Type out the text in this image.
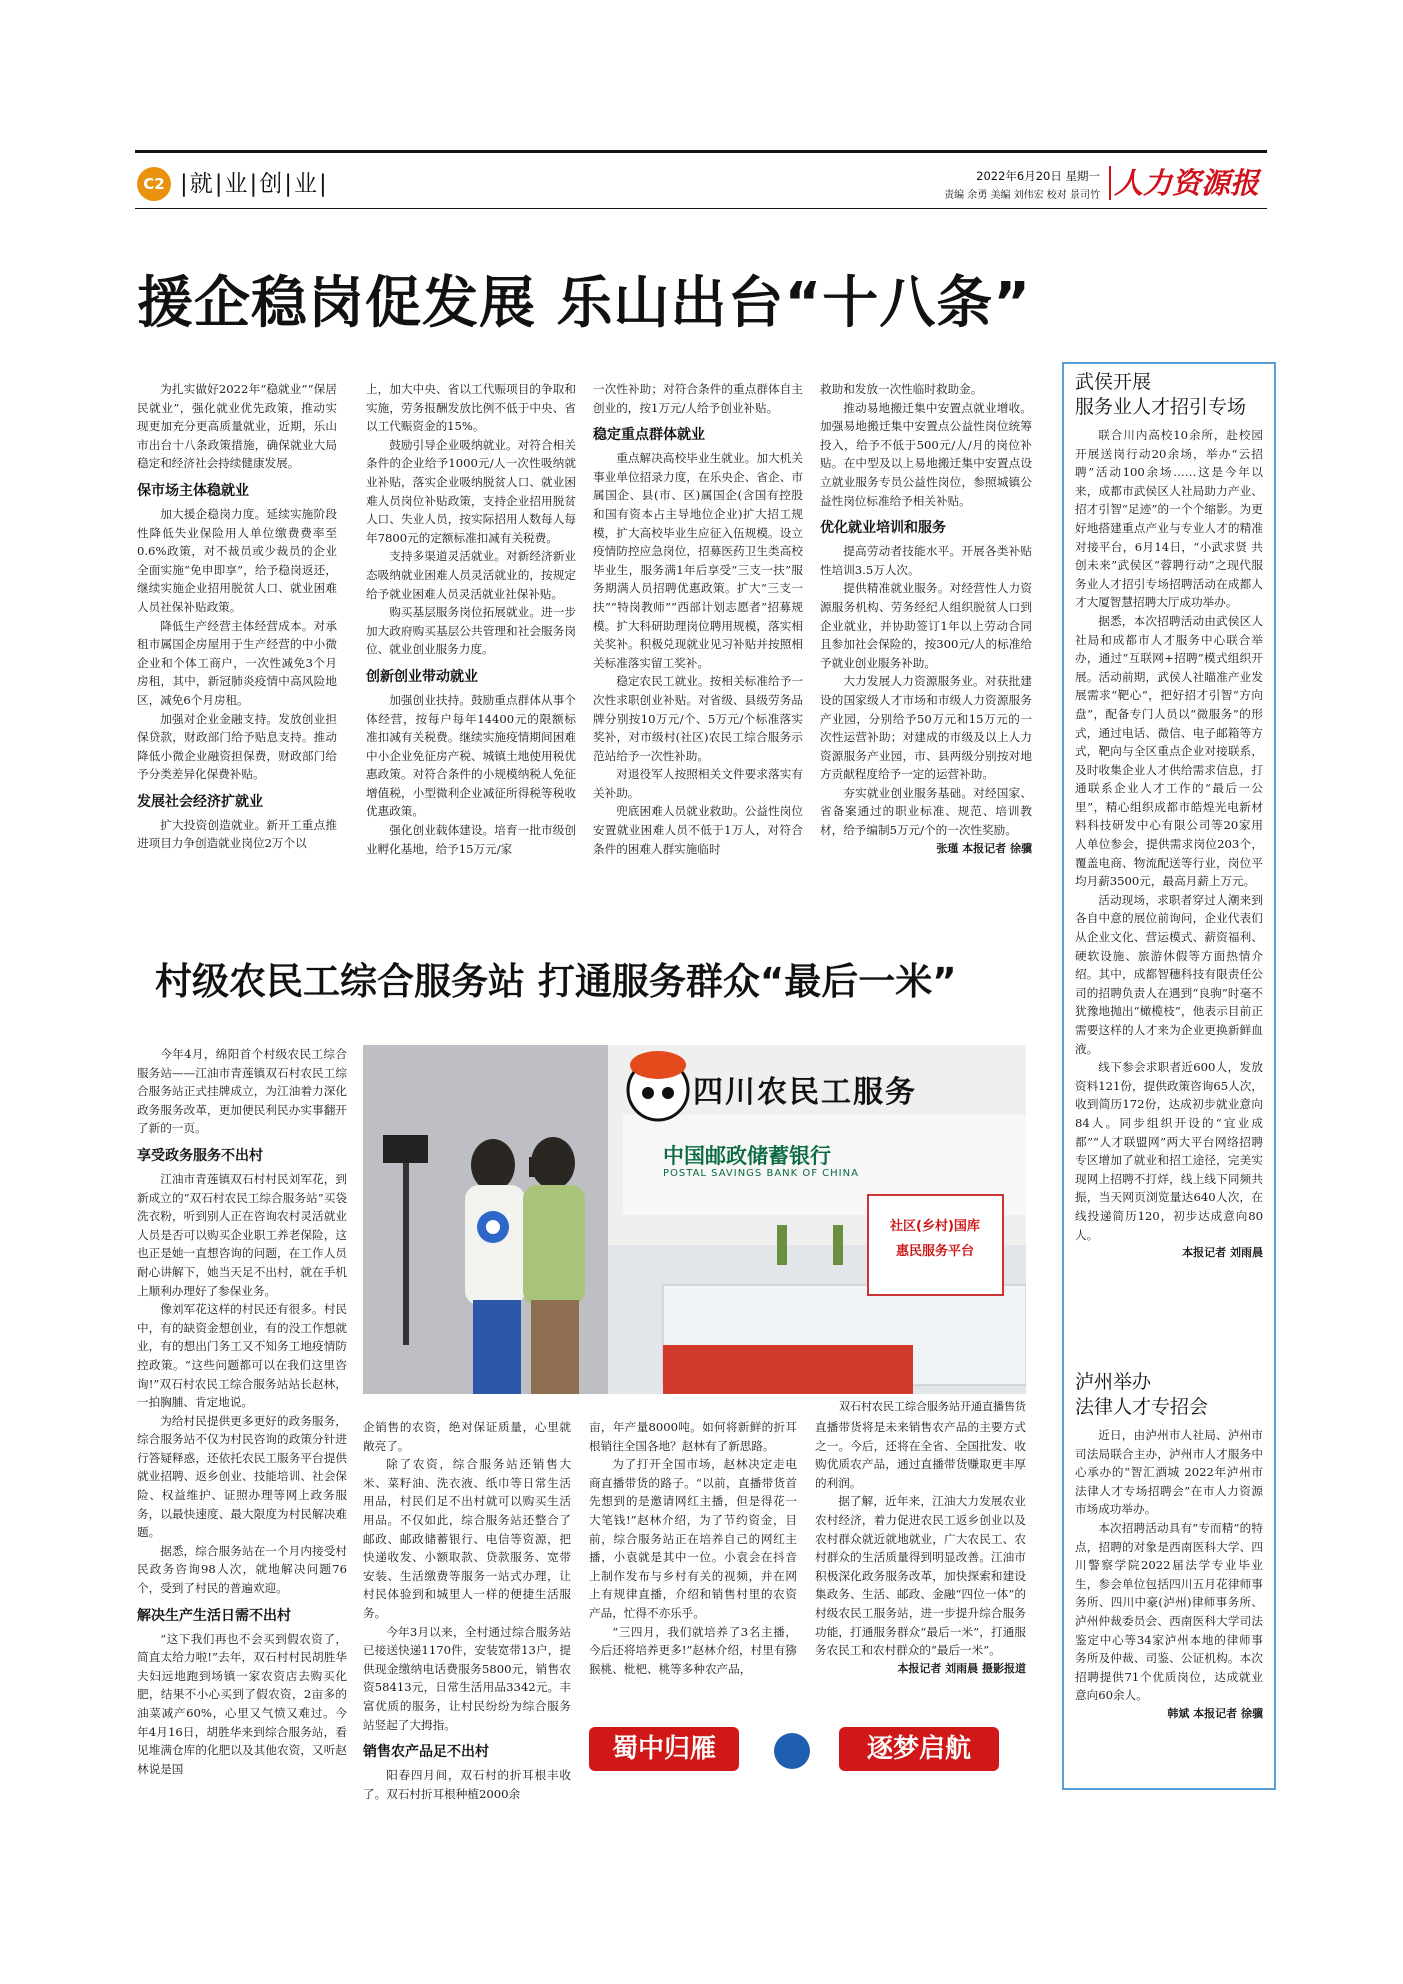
C2 |就|业|创|业|	2022年6月20日 星期一
责编 余勇 美编 刘伟宏 校对 景司竹 人力资源报
援企稳岗促发展 乐山出台“十八条”

为扎实做好2022年“稳就业”“保居民就业”，强化就业优先政策，推动实现更加充分更高质量就业，近期，乐山市出台十八条政策措施，确保就业大局稳定和经济社会持续健康发展。

保市场主体稳就业

加大援企稳岗力度。延续实施阶段性降低失业保险用人单位缴费费率至0.6%政策，对不裁员或少裁员的企业全面实施“免申即享”，给予稳岗返还，继续实施企业招用脱贫人口、就业困难人员社保补贴政策。

降低生产经营主体经营成本。对承租市属国企房屋用于生产经营的中小微企业和个体工商户，一次性减免3个月房租，其中，新冠肺炎疫情中高风险地区，减免6个月房租。

加强对企业金融支持。发放创业担保贷款，财政部门给予贴息支持。推动降低小微企业融资担保费，财政部门给予分类差异化保费补贴。

发展社会经济扩就业

扩大投资创造就业。新开工重点推进项目力争创造就业岗位2万个以

上，加大中央、省以工代赈项目的争取和实施，劳务报酬发放比例不低于中央、省以工代赈资金的15%。

鼓励引导企业吸纳就业。对符合相关条件的企业给予1000元/人一次性吸纳就业补贴，落实企业吸纳脱贫人口、就业困难人员岗位补贴政策，支持企业招用脱贫人口、失业人员，按实际招用人数每人每年7800元的定额标准扣减有关税费。

支持多渠道灵活就业。对新经济新业态吸纳就业困难人员灵活就业的，按规定给予就业困难人员灵活就业社保补贴。

购买基层服务岗位拓展就业。进一步加大政府购买基层公共管理和社会服务岗位、就业创业服务力度。

创新创业带动就业

加强创业扶持。鼓励重点群体从事个体经营，按每户每年14400元的限额标准扣减有关税费。继续实施疫情期间困难中小企业免征房产税、城镇土地使用税优惠政策。对符合条件的小规模纳税人免征增值税，小型微利企业减征所得税等税收优惠政策。

强化创业载体建设。培育一批市级创业孵化基地，给予15万元/家

一次性补助；对符合条件的重点群体自主创业的，按1万元/人给予创业补贴。

稳定重点群体就业

重点解决高校毕业生就业。加大机关事业单位招录力度，在乐央企、省企、市属国企、县(市、区)属国企(含国有控股和国有资本占主导地位企业)扩大招工规模，扩大高校毕业生应征入伍规模。设立疫情防控应急岗位，招募医药卫生类高校毕业生，服务满1年后享受“三支一扶”服务期满人员招聘优惠政策。扩大“三支一扶”“特岗教师”“西部计划志愿者”招募规模。扩大科研助理岗位聘用规模，落实相关奖补。积极兑现就业见习补贴并按照相关标准落实留工奖补。

稳定农民工就业。按相关标准给予一次性求职创业补贴。对省级、县级劳务品牌分别按10万元/个、5万元/个标准落实奖补，对市级村(社区)农民工综合服务示范站给予一次性补助。

对退役军人按照相关文件要求落实有关补助。

兜底困难人员就业救助。公益性岗位安置就业困难人员不低于1万人，对符合条件的困难人群实施临时

救助和发放一次性临时救助金。

推动易地搬迁集中安置点就业增收。加强易地搬迁集中安置点公益性岗位统筹投入，给予不低于500元/人/月的岗位补贴。在中型及以上易地搬迁集中安置点设立就业服务专员公益性岗位，参照城镇公益性岗位标准给予相关补贴。

优化就业培训和服务

提高劳动者技能水平。开展各类补贴性培训3.5万人次。

提供精准就业服务。对经营性人力资源服务机构、劳务经纪人组织脱贫人口到企业就业，并协助签订1年以上劳动合同且参加社会保险的，按300元/人的标准给予就业创业服务补助。

大力发展人力资源服务业。对获批建设的国家级人才市场和市级人力资源服务产业园，分别给予50万元和15万元的一次性运营补助；对建成的市级及以上人力资源服务产业园，市、县两级分别按对地方贡献程度给予一定的运营补助。

夯实就业创业服务基础。对经国家、省备案通过的职业标准、规范、培训教材，给予编制5万元/个的一次性奖励。

张瑾 本报记者 徐骥

武侯开展
服务业人才招引专场

联合川内高校10余所，赴校园开展送岗行动20余场，举办“云招聘”活动100余场……这是今年以来，成都市武侯区人社局助力产业、招才引智“足迹”的一个个缩影。为更好地搭建重点产业与专业人才的精准对接平台，6月14日，“小武求贤 共创未来”武侯区“蓉聘行动”之现代服务业人才招引专场招聘活动在成都人才大厦智慧招聘大厅成功举办。

据悉，本次招聘活动由武侯区人社局和成都市人才服务中心联合举办，通过“互联网+招聘”模式组织开展。活动前期，武侯人社瞄准产业发展需求“靶心”，把好招才引智“方向盘”，配备专门人员以“微服务”的形式，通过电话、微信、电子邮箱等方式，靶向与全区重点企业对接联系，及时收集企业人才供给需求信息，打通联系企业人才工作的“最后一公里”，精心组织成都市皓煌光电新材料科技研发中心有限公司等20家用人单位参会，提供需求岗位203个，覆盖电商、物流配送等行业，岗位平均月薪3500元，最高月薪上万元。

活动现场，求职者穿过人潮来到各自中意的展位前询问，企业代表们从企业文化、营运模式、薪资福利、硬软设施、旅游休假等方面热情介绍。其中，成都智穗科技有限责任公司的招聘负责人在遇到“良驹”时毫不犹豫地抛出“橄榄枝”，他表示目前正需要这样的人才来为企业更换新鲜血液。

线下参会求职者近600人，发放资料121份，提供政策咨询65人次，收到简历172份，达成初步就业意向84人。同步组织开设的“宜业成都”“人才联盟网”两大平台网络招聘专区增加了就业和招工途径，完美实现网上招聘不打烊，线上线下同频共振，当天网页浏览量达640人次，在线投递简历120，初步达成意向80人。

本报记者 刘雨晨

泸州举办
法律人才专招会

近日，由泸州市人社局、泸州市司法局联合主办，泸州市人才服务中心承办的“智汇酒城 2022年泸州市法律人才专场招聘会”在市人力资源市场成功举办。

本次招聘活动具有“专而精”的特点，招聘的对象是西南医科大学、四川警察学院2022届法学专业毕业生，参会单位包括四川五月花律师事务所、四川中豪(泸州)律师事务所、泸州仲裁委员会、西南医科大学司法鉴定中心等34家泸州本地的律师事务所及仲裁、司鉴、公证机构。本次招聘提供71个优质岗位，达成就业意向60余人。

韩斌 本报记者 徐骥

村级农民工综合服务站 打通服务群众“最后一米”

今年4月，绵阳首个村级农民工综合服务站——江油市青莲镇双石村农民工综合服务站正式挂牌成立，为江油着力深化政务服务改革，更加便民利民办实事翻开了新的一页。

享受政务服务不出村

江油市青莲镇双石村村民刘军花，到新成立的“双石村农民工综合服务站”买袋洗衣粉，听到别人正在咨询农村灵活就业人员是否可以购买企业职工养老保险，这也正是她一直想咨询的问题，在工作人员耐心讲解下，她当天足不出村，就在手机上顺利办理好了参保业务。

像刘军花这样的村民还有很多。村民中，有的缺资金想创业，有的没工作想就业，有的想出门务工又不知务工地疫情防控政策。“这些问题都可以在我们这里咨询!”双石村农民工综合服务站站长赵林，一拍胸脯、肯定地说。

为给村民提供更多更好的政务服务，综合服务站不仅为村民咨询的政策分针进行答疑释惑，还依托农民工服务平台提供就业招聘、返乡创业、技能培训、社会保险、权益维护、证照办理等网上政务服务，以最快速度、最大限度为村民解决难题。

据悉，综合服务站在一个月内接受村民政务咨询98人次，就地解决问题76个，受到了村民的普遍欢迎。

解决生产生活日需不出村

“这下我们再也不会买到假农资了，简直太给力啦!”去年，双石村村民胡胜华夫妇远地跑到场镇一家农资店去购买化肥，结果不小心买到了假农资，2亩多的油菜减产60%，心里又气愤又难过。今年4月16日，胡胜华来到综合服务站，看见堆满仓库的化肥以及其他农资，又听赵林说是国

四川农民工服务
中国邮政储蓄银行
POSTAL SAVINGS BANK OF CHINA
社区(乡村)国库
惠民服务平台
双石村农民工综合服务站开通直播售货

企销售的农资，绝对保证质量，心里就敞亮了。

除了农资，综合服务站还销售大米、菜籽油、洗衣液、纸巾等日常生活用品，村民们足不出村就可以购买生活用品。不仅如此，综合服务站还整合了邮政、邮政储蓄银行、电信等资源，把快递收发、小额取款、贷款服务、宽带安装、生活缴费等服务一站式办理，让村民体验到和城里人一样的便捷生活服务。

今年3月以来，全村通过综合服务站已接送快递1170件，安装宽带13户，提供现金缴纳电话费服务5800元，销售农资58413元，日常生活用品3342元。丰富优质的服务，让村民纷纷为综合服务站竖起了大拇指。

销售农产品足不出村

阳春四月间，双石村的折耳根丰收了。双石村折耳根种植2000余

亩，年产量8000吨。如何将新鲜的折耳根销往全国各地？赵林有了新思路。

为了打开全国市场，赵林决定走电商直播带货的路子。“以前，直播带货首先想到的是邀请网红主播，但是得花一大笔钱!”赵林介绍，为了节约资金，目前，综合服务站正在培养自己的网红主播，小袁就是其中一位。小袁会在抖音上制作发布与乡村有关的视频，并在网上有规律直播，介绍和销售村里的农资产品，忙得不亦乐乎。

“三四月，我们就培养了3名主播，今后还将培养更多!”赵林介绍，村里有猕猴桃、枇杷、桃等多种农产品，

直播带货将是未来销售农产品的主要方式之一。今后，还将在全省、全国批发、收购优质农产品，通过直播带货赚取更丰厚的利润。

据了解，近年来，江油大力发展农业农村经济，着力促进农民工返乡创业以及农村群众就近就地就业，广大农民工、农村群众的生活质量得到明显改善。江油市积极深化政务服务改革，加快探索和建设集政务、生活、邮政、金融“四位一体”的村级农民工服务站，进一步提升综合服务功能，打通服务群众“最后一米”，打通服务农民工和农村群众的“最后一米”。

本报记者 刘雨晨 摄影报道

蜀中归雁	逐梦启航
